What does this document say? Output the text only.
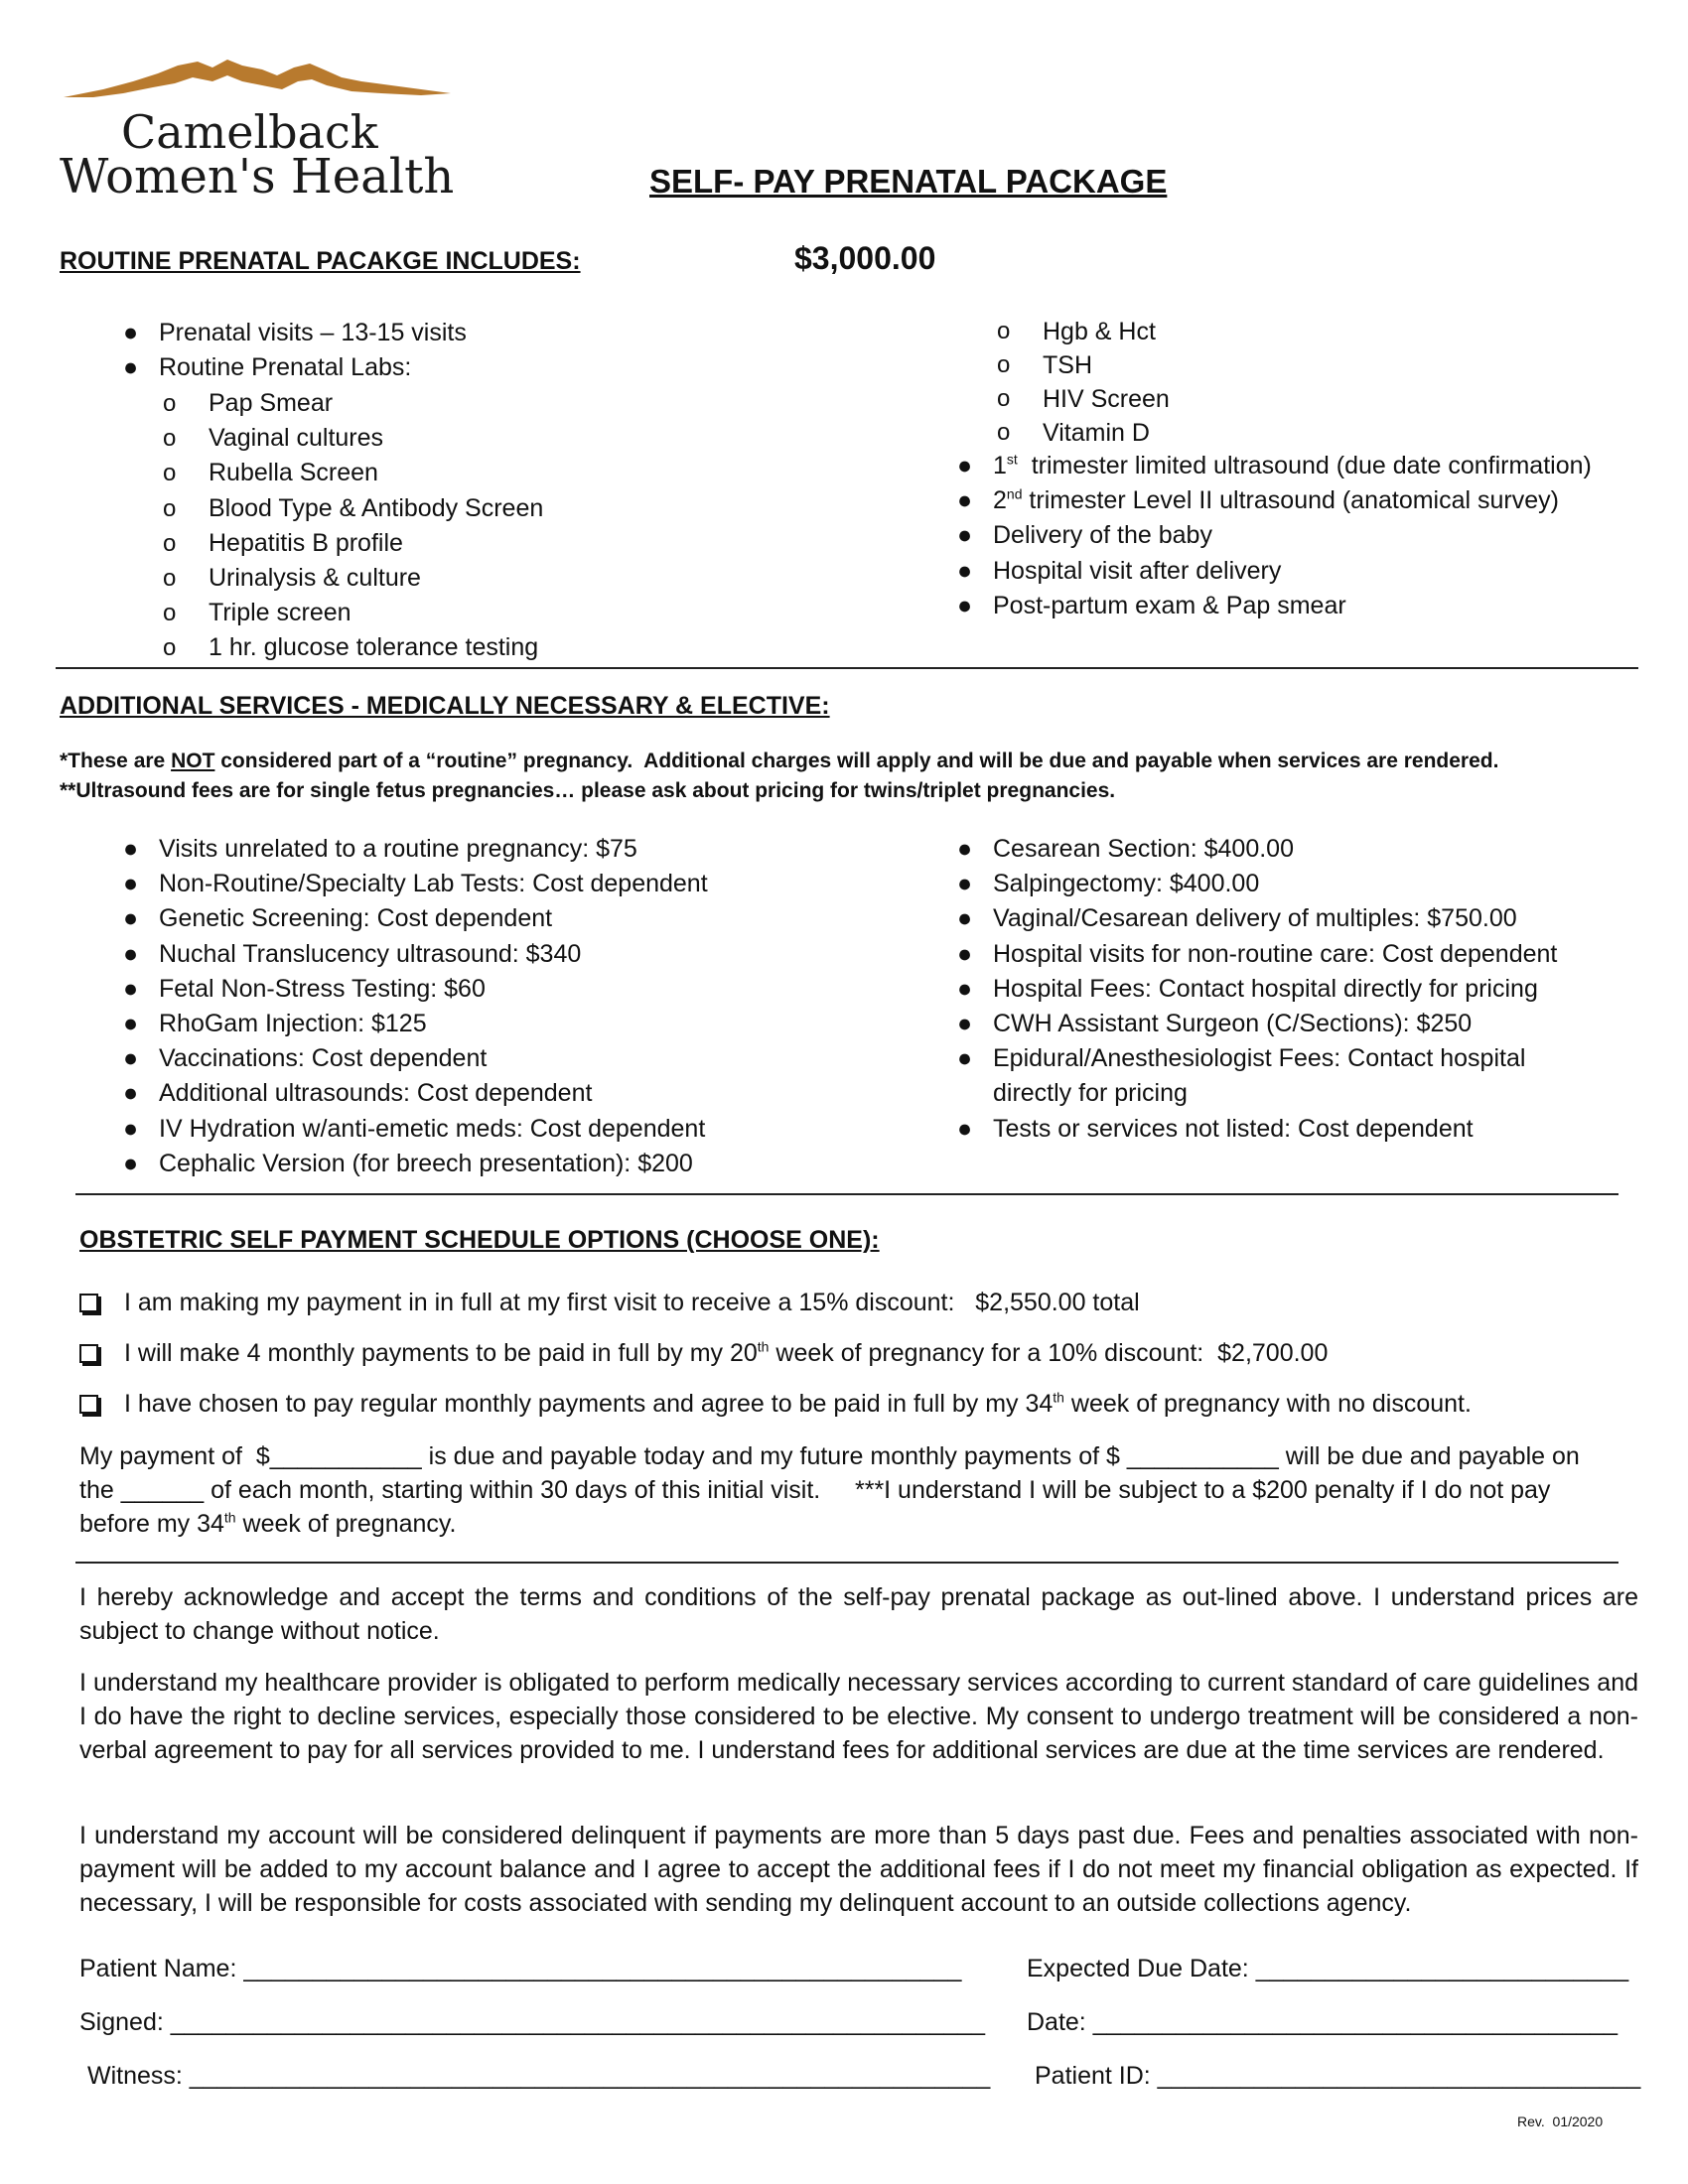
Camelback
Women's Health	SELF- PAY PRENATAL PACKAGE
ROUTINE PRENATAL PACAKGE INCLUDES:	$3,000.00
● Prenatal visits – 13-15 visits
● Routine Prenatal Labs:
o Pap Smear
o Vaginal cultures
o Rubella Screen
o Blood Type & Antibody Screen
o Hepatitis B profile
o Urinalysis & culture
o Triple screen
o 1 hr. glucose tolerance testing
o Hgb & Hct
o TSH
o HIV Screen
o Vitamin D
● 1st  trimester limited ultrasound (due date confirmation)
● 2nd trimester Level II ultrasound (anatomical survey)
● Delivery of the baby
● Hospital visit after delivery
● Post-partum exam & Pap smear
ADDITIONAL SERVICES - MEDICALLY NECESSARY & ELECTIVE:
*These are NOT considered part of a “routine” pregnancy.  Additional charges will apply and will be due and payable when services are rendered.
**Ultrasound fees are for single fetus pregnancies… please ask about pricing for twins/triplet pregnancies.
● Visits unrelated to a routine pregnancy: $75
● Non-Routine/Specialty Lab Tests: Cost dependent
● Genetic Screening: Cost dependent
● Nuchal Translucency ultrasound: $340
● Fetal Non-Stress Testing: $60
● RhoGam Injection: $125
● Vaccinations: Cost dependent
● Additional ultrasounds: Cost dependent
● IV Hydration w/anti-emetic meds: Cost dependent
● Cephalic Version (for breech presentation): $200
● Cesarean Section: $400.00
● Salpingectomy: $400.00
● Vaginal/Cesarean delivery of multiples: $750.00
● Hospital visits for non-routine care: Cost dependent
● Hospital Fees: Contact hospital directly for pricing
● CWH Assistant Surgeon (C/Sections): $250
● Epidural/Anesthesiologist Fees: Contact hospital
directly for pricing
● Tests or services not listed: Cost dependent
OBSTETRIC SELF PAYMENT SCHEDULE OPTIONS (CHOOSE ONE):
I am making my payment in in full at my first visit to receive a 15% discount:   $2,550.00 total
I will make 4 monthly payments to be paid in full by my 20th week of pregnancy for a 10% discount:  $2,700.00
I have chosen to pay regular monthly payments and agree to be paid in full by my 34th week of pregnancy with no discount.
My payment of  $___________ is due and payable today and my future monthly payments of $ ___________ will be due and payable on
the ______ of each month, starting within 30 days of this initial visit.     ***I understand I will be subject to a $200 penalty if I do not pay
before my 34th week of pregnancy.
I hereby acknowledge and accept the terms and conditions of the self-pay prenatal package as out-lined above. I understand prices are subject to change without notice.
I understand my healthcare provider is obligated to perform medically necessary services according to current standard of care guidelines and I do have the right to decline services, especially those considered to be elective. My consent to undergo treatment will be considered a non-verbal agreement to pay for all services provided to me. I understand fees for additional services are due at the time services are rendered.
I understand my account will be considered delinquent if payments are more than 5 days past due. Fees and penalties associated with non-payment will be added to my account balance and I agree to accept the additional fees if I do not meet my financial obligation as expected. If necessary, I will be responsible for costs associated with sending my delinquent account to an outside collections agency.
Patient Name: ____________________________________________________	Expected Due Date: ___________________________
Signed: ___________________________________________________________ Date: ______________________________________
Witness: __________________________________________________________ Patient ID: ___________________________________
Rev.  01/2020
